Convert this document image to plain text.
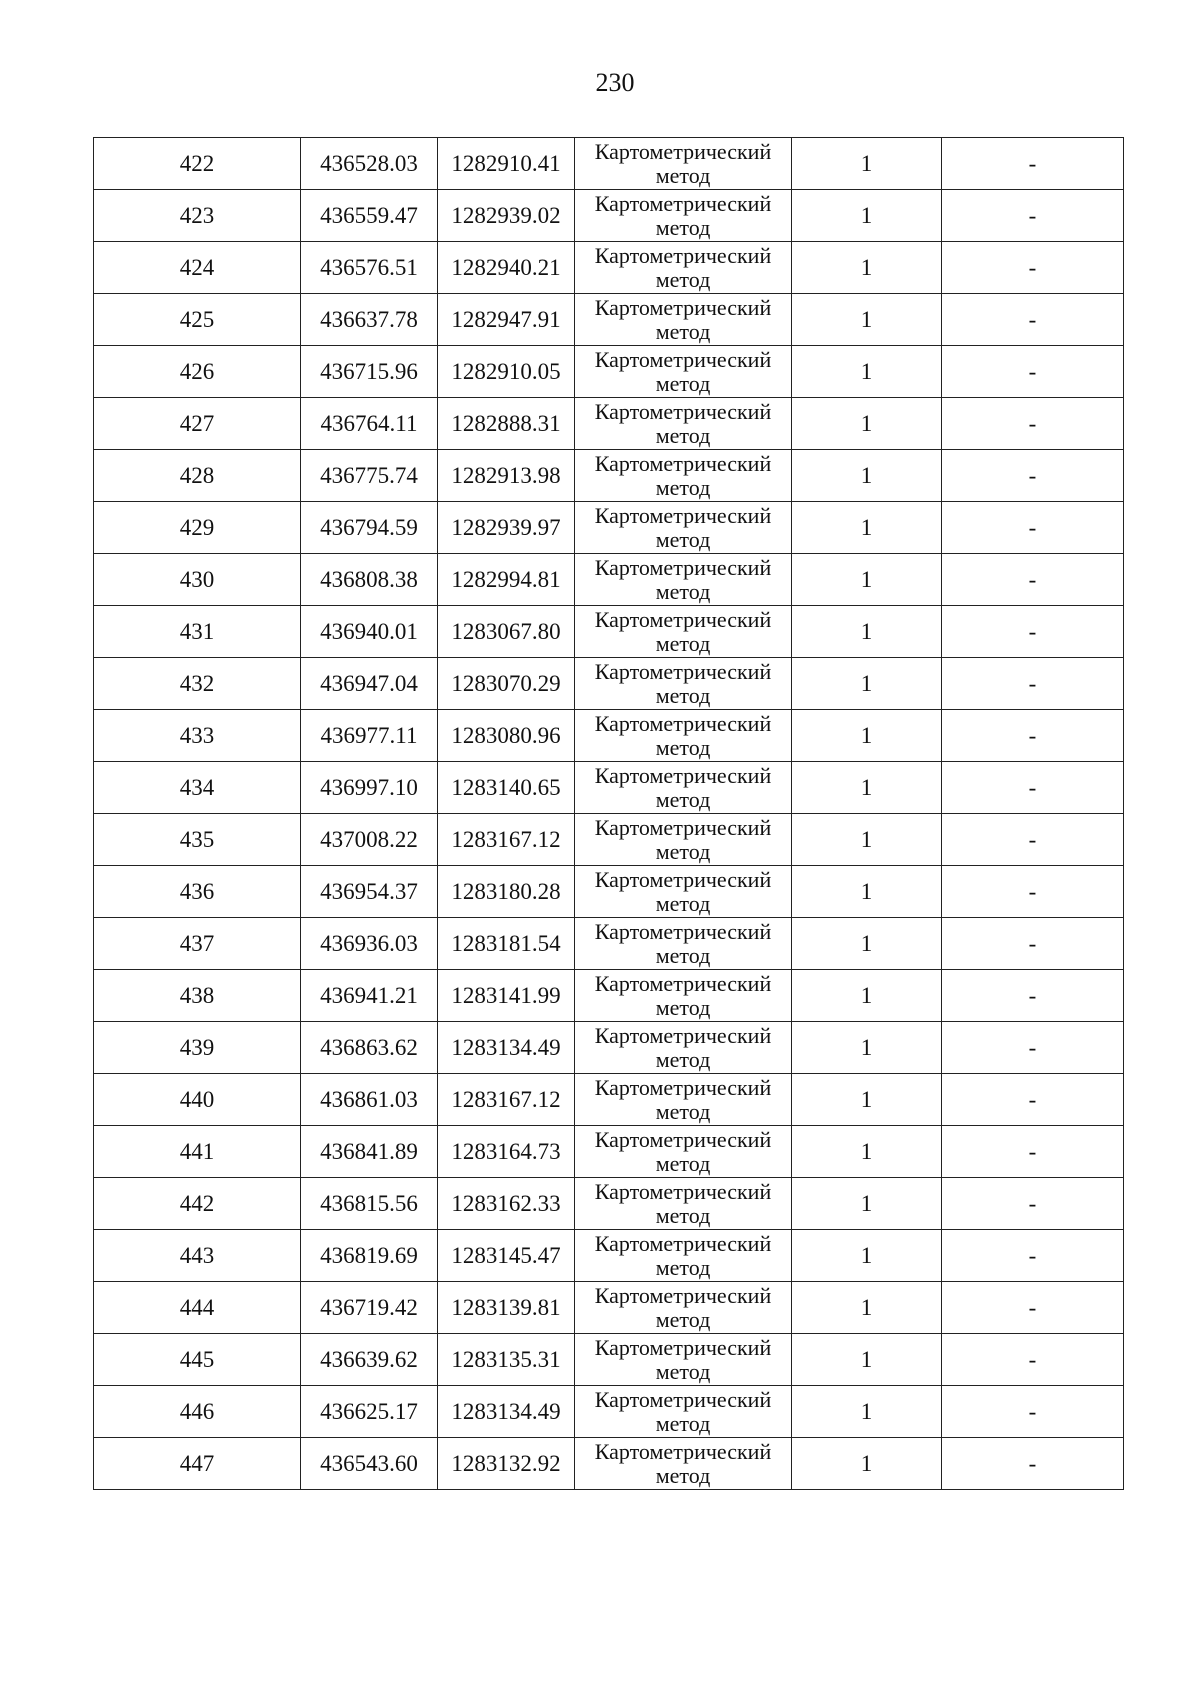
230
422	436528.03	1282910.41	Картометрический
метод	1	-
423	436559.47	1282939.02	Картометрический
метод	1	-
424	436576.51	1282940.21	Картометрический
метод	1	-
425	436637.78	1282947.91	Картометрический
метод	1	-
426	436715.96	1282910.05	Картометрический
метод	1	-
427	436764.11	1282888.31	Картометрический
метод	1	-
428	436775.74	1282913.98	Картометрический
метод	1	-
429	436794.59	1282939.97	Картометрический
метод	1	-
430	436808.38	1282994.81	Картометрический
метод	1	-
431	436940.01	1283067.80	Картометрический
метод	1	-
432	436947.04	1283070.29	Картометрический
метод	1	-
433	436977.11	1283080.96	Картометрический
метод	1	-
434	436997.10	1283140.65	Картометрический
метод	1	-
435	437008.22	1283167.12	Картометрический
метод	1	-
436	436954.37	1283180.28	Картометрический
метод	1	-
437	436936.03	1283181.54	Картометрический
метод	1	-
438	436941.21	1283141.99	Картометрический
метод	1	-
439	436863.62	1283134.49	Картометрический
метод	1	-
440	436861.03	1283167.12	Картометрический
метод	1	-
441	436841.89	1283164.73	Картометрический
метод	1	-
442	436815.56	1283162.33	Картометрический
метод	1	-
443	436819.69	1283145.47	Картометрический
метод	1	-
444	436719.42	1283139.81	Картометрический
метод	1	-
445	436639.62	1283135.31	Картометрический
метод	1	-
446	436625.17	1283134.49	Картометрический
метод	1	-
447	436543.60	1283132.92	Картометрический
метод	1	-
